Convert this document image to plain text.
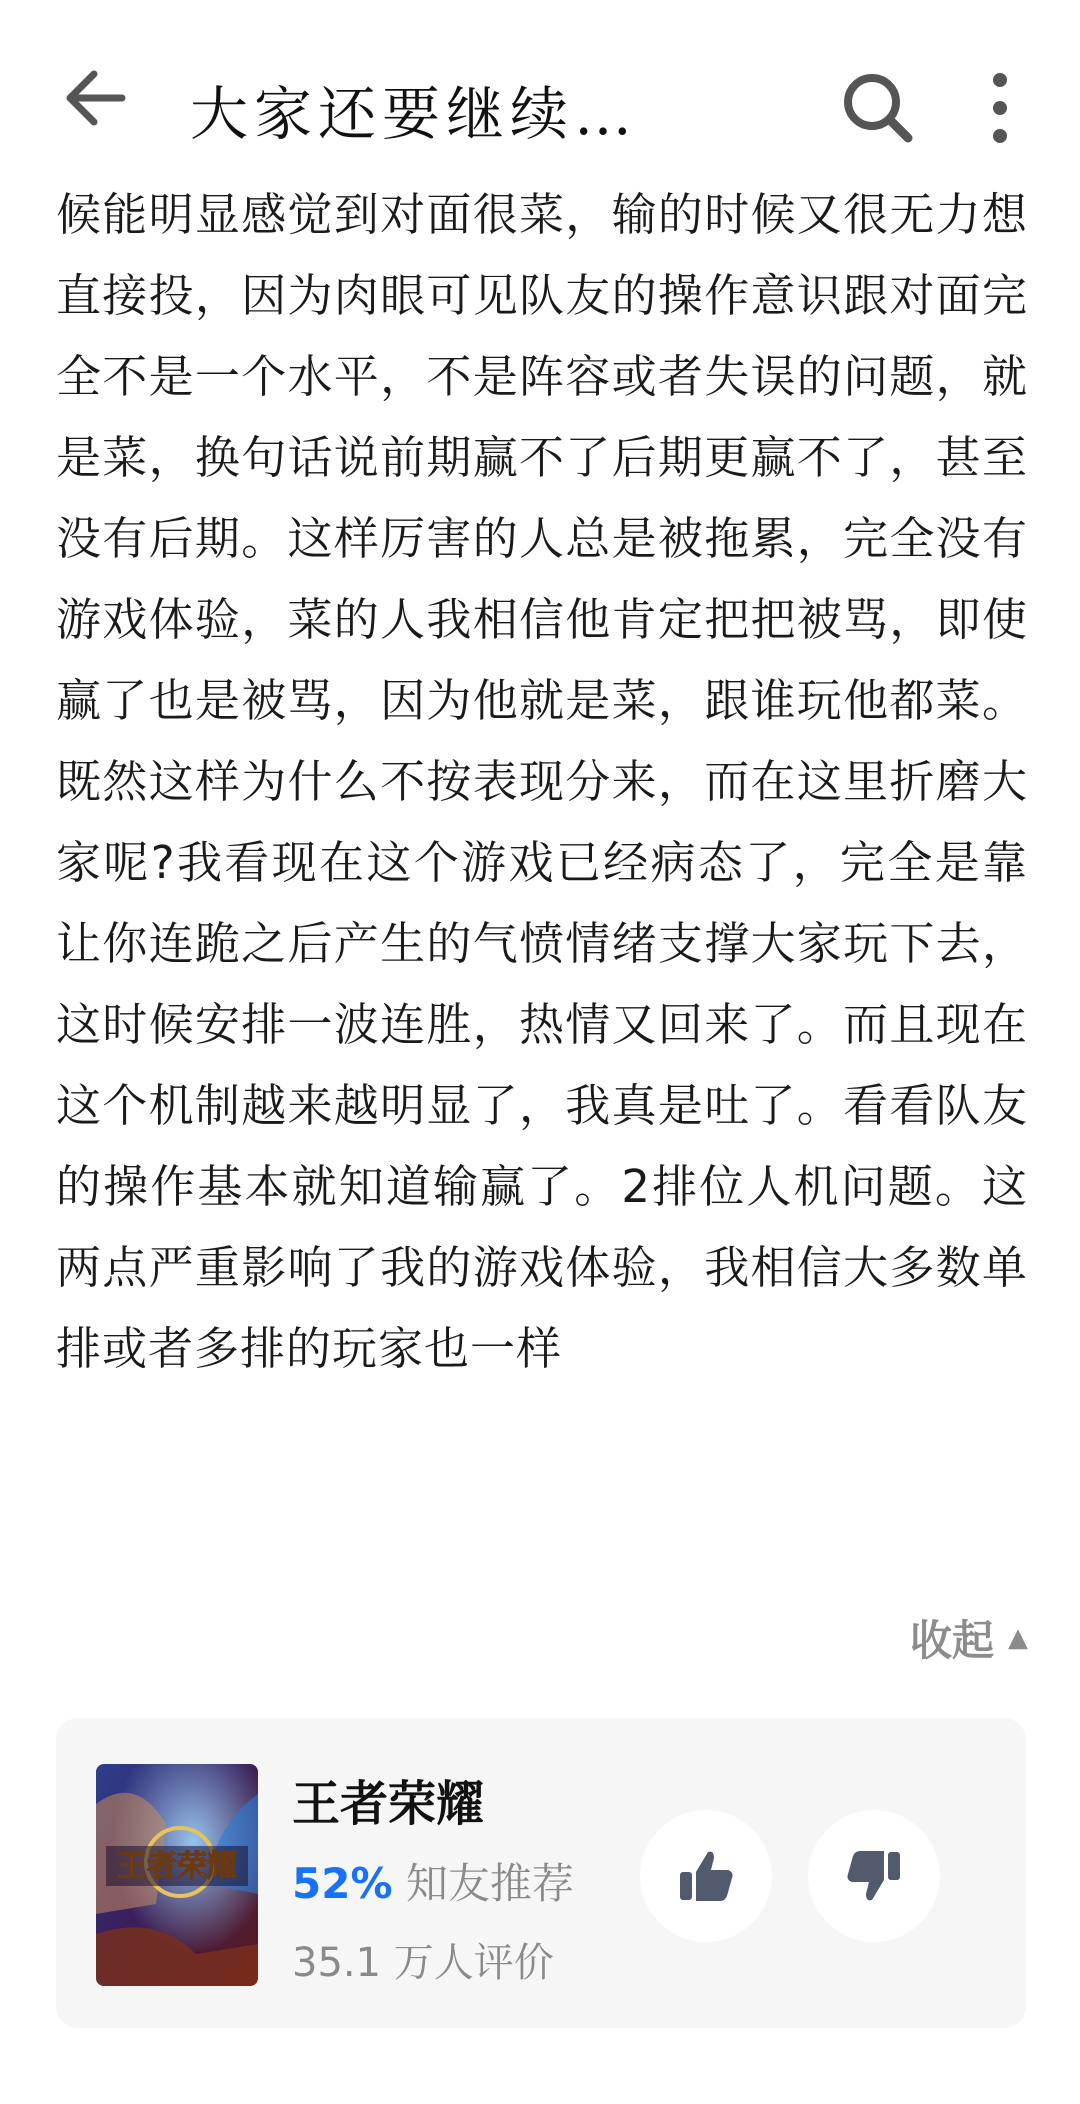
大家还要继续…
候能明显感觉到对面很菜，输的时候又很无力想直接投，因为肉眼可见队友的操作意识跟对面完全不是一个水平，不是阵容或者失误的问题，就是菜，换句话说前期赢不了后期更赢不了，甚至没有后期。这样厉害的人总是被拖累，完全没有游戏体验，菜的人我相信他肯定把把被骂，即使赢了也是被骂，因为他就是菜，跟谁玩他都菜。既然这样为什么不按表现分来，而在这里折磨大家呢?我看现在这个游戏已经病态了，完全是靠让你连跪之后产生的气愤情绪支撑大家玩下去，这时候安排一波连胜，热情又回来了。而且现在这个机制越来越明显了，我真是吐了。看看队友的操作基本就知道输赢了。2排位人机问题。这两点严重影响了我的游戏体验，我相信大多数单排或者多排的玩家也一样
收起 ▲
王者荣耀
王者荣耀
52% 知友推荐
35.1 万人评价
